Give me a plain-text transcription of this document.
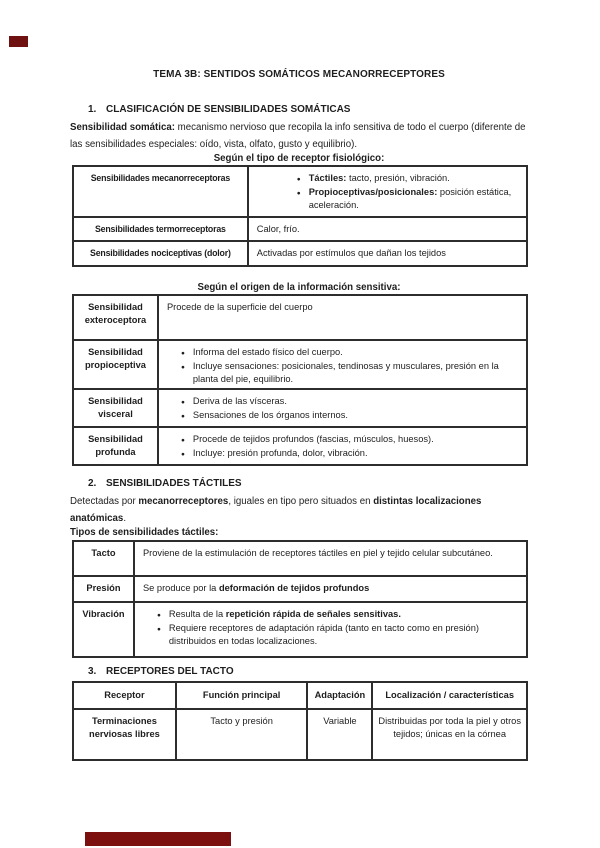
TEMA 3B: SENTIDOS SOMÁTICOS MECANORRECEPTORES
1. CLASIFICACIÓN DE SENSIBILIDADES SOMÁTICAS

Sensibilidad somática: mecanismo nervioso que recopila la info sensitiva de todo el cuerpo (diferente de las sensibilidades especiales: oído, vista, olfato, gusto y equilibrio).

Según el tipo de receptor fisiológico:
Sensibilidades mecanorreceptoras	● Táctiles: tacto, presión, vibración.
● Propioceptivas/posicionales: posición estática, aceleración.

Sensibilidades termorreceptoras	Calor, frío.
Sensibilidades nociceptivas (dolor)	Activadas por estímulos que dañan los tejidos
Según el origen de la información sensitiva:
Sensibilidad exteroceptora	Procede de la superficie del cuerpo
Sensibilidad propioceptiva	● Informa del estado físico del cuerpo.
● Incluye sensaciones: posicionales, tendinosas y musculares, presión en la planta del pie, equilibrio.

Sensibilidad visceral	● Deriva de las vísceras.
● Sensaciones de los órganos internos.

Sensibilidad profunda	● Procede de tejidos profundos (fascias, músculos, huesos).
● Incluye: presión profunda, dolor, vibración.
2. SENSIBILIDADES TÁCTILES

Detectadas por mecanorreceptores, iguales en tipo pero situados en distintas localizaciones anatómicas.

Tipos de sensibilidades táctiles:
Tacto	Proviene de la estimulación de receptores táctiles en piel y tejido celular subcutáneo.
Presión	Se produce por la deformación de tejidos profundos
Vibración	● Resulta de la repetición rápida de señales sensitivas.
● Requiere receptores de adaptación rápida (tanto en tacto como en presión) distribuidos en todas localizaciones.
3. RECEPTORES DEL TACTO
Receptor	Función principal	Adaptación	Localización / características
Terminaciones nerviosas libres	Tacto y presión	Variable	Distribuidas por toda la piel y otros tejidos; únicas en la córnea
